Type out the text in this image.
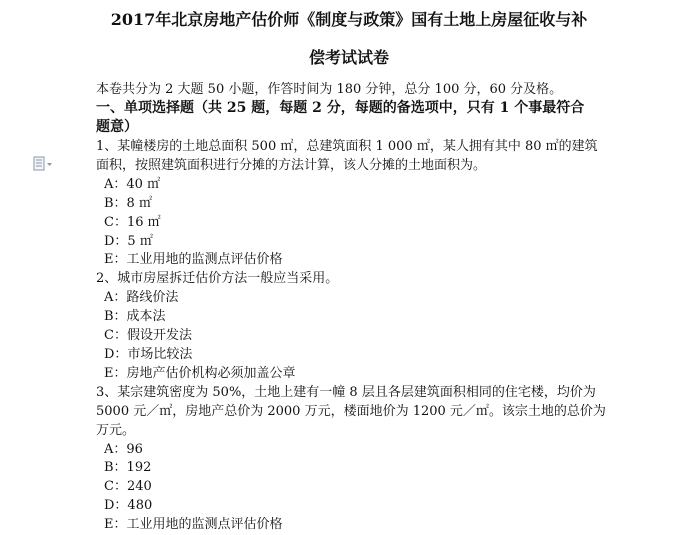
2017年北京房地产估价师《制度与政策》国有土地上房屋征收与补
偿考试试卷
本卷共分为 2 大题 50 小题，作答时间为 180 分钟，总分 100 分，60 分及格。
一、单项选择题（共 25 题，每题 2 分，每题的备选项中，只有 1 个事最符合题意）

1、某幢楼房的土地总面积 500 ㎡，总建筑面积 1 000 ㎡，某人拥有其中 80 ㎡的建筑面积，按照建筑面积进行分摊的方法计算，该人分摊的土地面积为。

A：40 ㎡

B：8 ㎡

C：16 ㎡

D：5 ㎡

E：工业用地的监测点评估价格

2、城市房屋拆迁估价方法一般应当采用。

A：路线价法

B：成本法

C：假设开发法

D：市场比较法

E：房地产估价机构必须加盖公章

3、某宗建筑密度为 50%，土地上建有一幢 8 层且各层建筑面积相同的住宅楼，均价为 5000 元／㎡，房地产总价为 2000 万元，楼面地价为 1200 元／㎡。该宗土地的总价为万元。

A：96

B：192

C：240

D：480

E：工业用地的监测点评估价格
